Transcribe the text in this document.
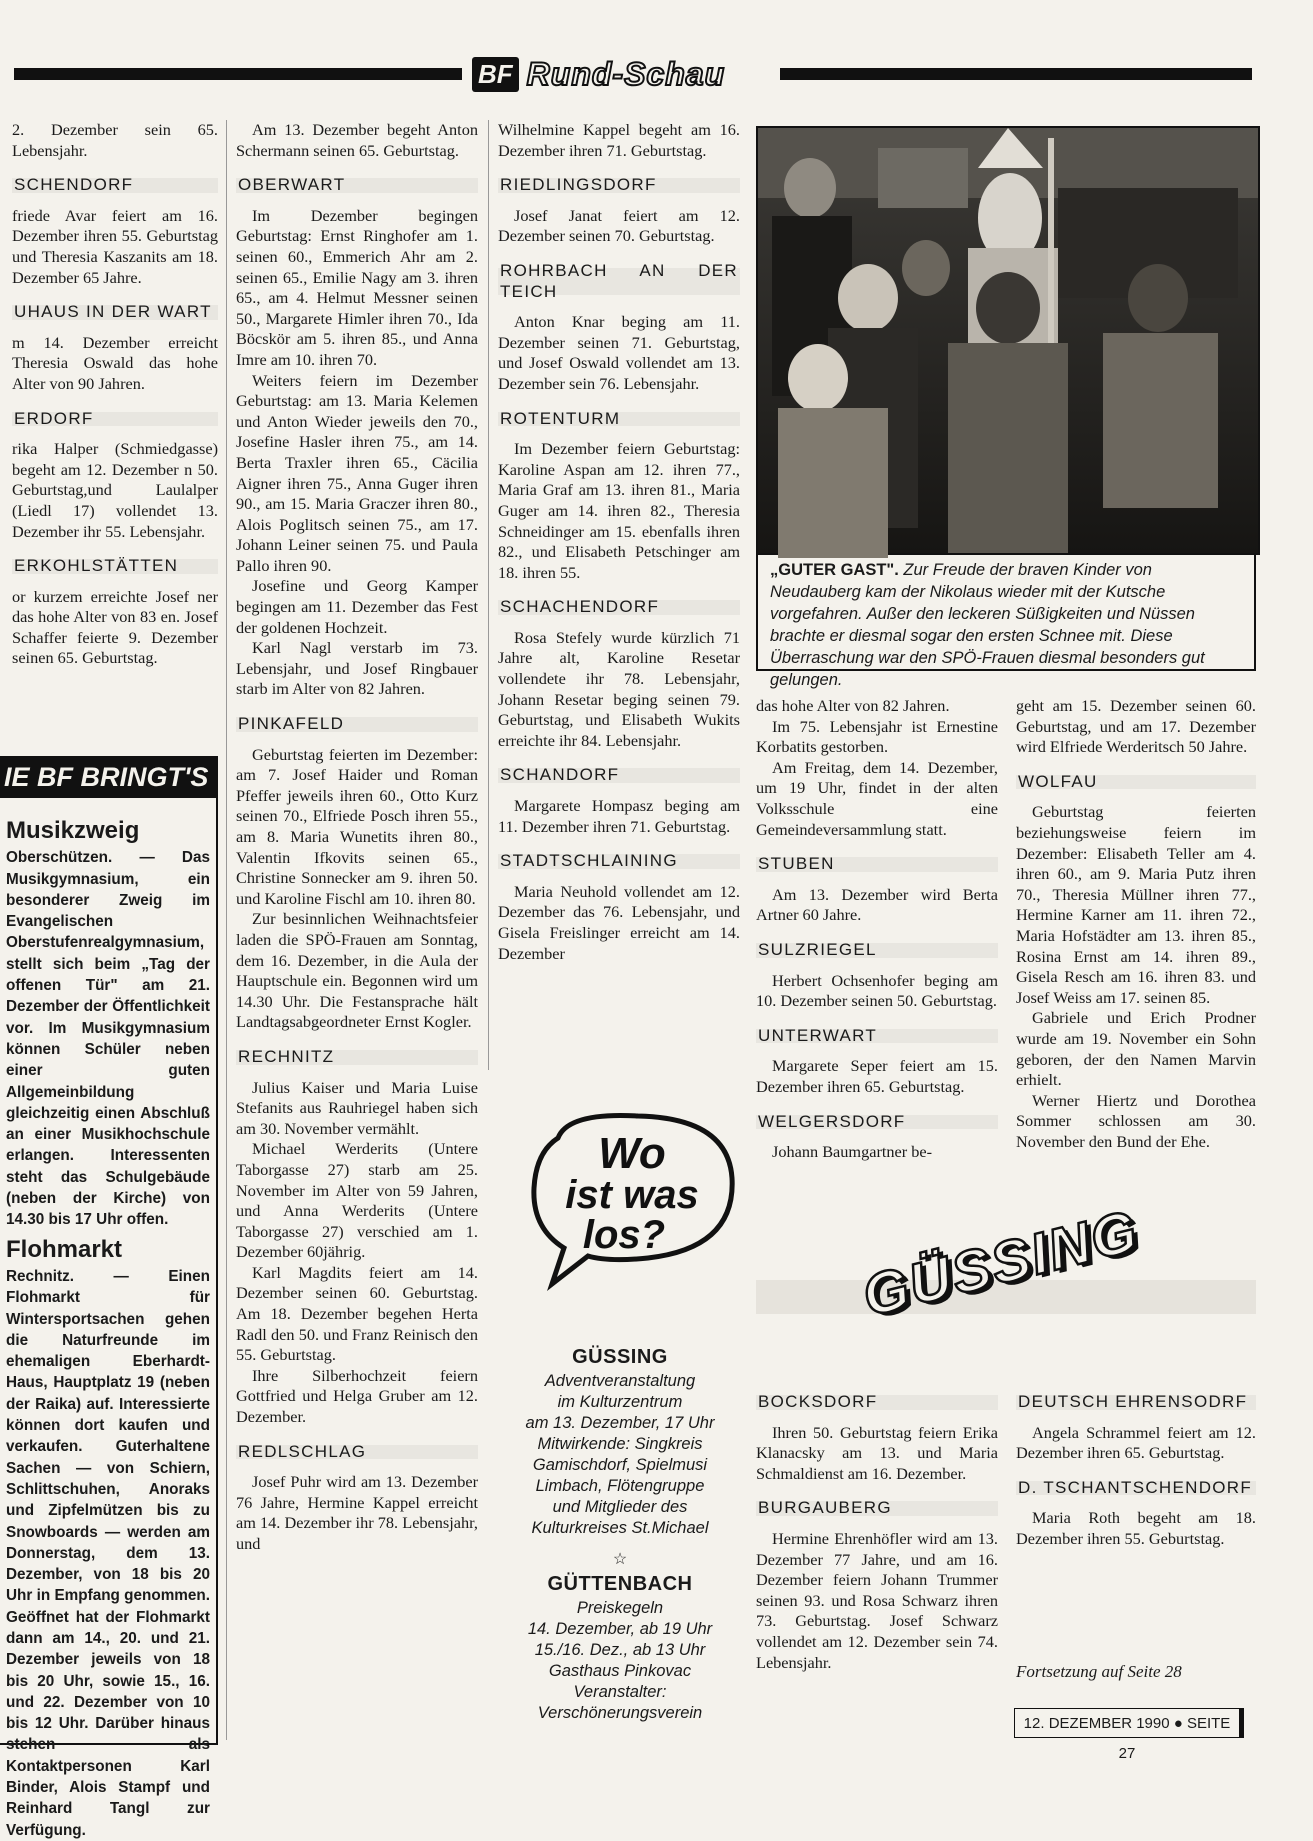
BF Rund-Schau

2. Dezember sein 65. Lebensjahr.

SCHENDORF

friede Avar feiert am 16. Dezember ihren 55. Geburtstag und Theresia Kaszanits am 18. Dezember 65 Jahre.

UHAUS IN DER WART

m 14. Dezember erreicht Theresia Oswald das hohe Alter von 90 Jahren.

ERDORF

rika Halper (Schmiedgasse) begeht am 12. Dezember n 50. Geburtstag,und Laulalper (Liedl 17) vollendet 13. Dezember ihr 55. Lebensjahr.

ERKOHLSTÄTTEN

or kurzem erreichte Josef ner das hohe Alter von 83 en. Josef Schaffer feierte 9. Dezember seinen 65. Geburtstag.

Musikzweig

Oberschützen. — Das Musikgymnasium, ein besonderer Zweig im Evangelischen Oberstufenrealgymnasium, stellt sich beim „Tag der offenen Tür" am 21. Dezember der Öffentlichkeit vor. Im Musikgymnasium können Schüler neben einer guten Allgemeinbildung gleichzeitig einen Abschluß an einer Musikhochschule erlangen. Interessenten steht das Schulgebäude (neben der Kirche) von 14.30 bis 17 Uhr offen.

Flohmarkt

Rechnitz. — Einen Flohmarkt für Wintersportsachen gehen die Naturfreunde im ehemaligen Eberhardt-Haus, Hauptplatz 19 (neben der Raika) auf. Interessierte können dort kaufen und verkaufen. Guterhaltene Sachen — von Schiern, Schlittschuhen, Anoraks und Zipfelmützen bis zu Snowboards — werden am Donnerstag, dem 13. Dezember, von 18 bis 20 Uhr in Empfang genommen. Geöffnet hat der Flohmarkt dann am 14., 20. und 21. Dezember jeweils von 18 bis 20 Uhr, sowie 15., 16. und 22. Dezember von 10 bis 12 Uhr. Darüber hinaus stehen als Kontaktpersonen Karl Binder, Alois Stampf und Reinhard Tangl zur Verfügung.

IE BF BRINGT'S

Am 13. Dezember begeht Anton Schermann seinen 65. Geburtstag.

OBERWART

Im Dezember begingen Geburtstag: Ernst Ringhofer am 1. seinen 60., Emmerich Ahr am 2. seinen 65., Emilie Nagy am 3. ihren 65., am 4. Helmut Messner seinen 50., Margarete Himler ihren 70., Ida Böcskör am 5. ihren 85., und Anna Imre am 10. ihren 70.

Weiters feiern im Dezember Geburtstag: am 13. Maria Kelemen und Anton Wieder jeweils den 70., Josefine Hasler ihren 75., am 14. Berta Traxler ihren 65., Cäcilia Aigner ihren 75., Anna Guger ihren 90., am 15. Maria Graczer ihren 80., Alois Poglitsch seinen 75., am 17. Johann Leiner seinen 75. und Paula Pallo ihren 90.

Josefine und Georg Kamper begingen am 11. Dezember das Fest der goldenen Hochzeit.

Karl Nagl verstarb im 73. Lebensjahr, und Josef Ringbauer starb im Alter von 82 Jahren.

PINKAFELD

Geburtstag feierten im Dezember: am 7. Josef Haider und Roman Pfeffer jeweils ihren 60., Otto Kurz seinen 70., Elfriede Posch ihren 55., am 8. Maria Wunetits ihren 80., Valentin Ifkovits seinen 65., Christine Sonnecker am 9. ihren 50. und Karoline Fischl am 10. ihren 80.

Zur besinnlichen Weihnachtsfeier laden die SPÖ-Frauen am Sonntag, dem 16. Dezember, in die Aula der Hauptschule ein. Begonnen wird um 14.30 Uhr. Die Festansprache hält Landtagsabgeordneter Ernst Kogler.

RECHNITZ

Julius Kaiser und Maria Luise Stefanits aus Rauhriegel haben sich am 30. November vermählt.

Michael Werderits (Untere Taborgasse 27) starb am 25. November im Alter von 59 Jahren, und Anna Werderits (Untere Taborgasse 27) verschied am 1. Dezember 60jährig.

Karl Magdits feiert am 14. Dezember seinen 60. Geburtstag. Am 18. Dezember begehen Herta Radl den 50. und Franz Reinisch den 55. Geburtstag.

Ihre Silberhochzeit feiern Gottfried und Helga Gruber am 12. Dezember.

REDLSCHLAG

Josef Puhr wird am 13. Dezember 76 Jahre, Hermine Kappel erreicht am 14. Dezember ihr 78. Lebensjahr, und

Wilhelmine Kappel begeht am 16. Dezember ihren 71. Geburtstag.

RIEDLINGSDORF

Josef Janat feiert am 12. Dezember seinen 70. Geburtstag.

ROHRBACH AN DER TEICH

Anton Knar beging am 11. Dezember seinen 71. Geburtstag, und Josef Oswald vollendet am 13. Dezember sein 76. Lebensjahr.

ROTENTURM

Im Dezember feiern Geburtstag: Karoline Aspan am 12. ihren 77., Maria Graf am 13. ihren 81., Maria Guger am 14. ihren 82., Theresia Schneidinger am 15. ebenfalls ihren 82., und Elisabeth Petschinger am 18. ihren 55.

SCHACHENDORF

Rosa Stefely wurde kürzlich 71 Jahre alt, Karoline Resetar vollendete ihr 78. Lebensjahr, Johann Resetar beging seinen 79. Geburtstag, und Elisabeth Wukits erreichte ihr 84. Lebensjahr.

SCHANDORF

Margarete Hompasz beging am 11. Dezember ihren 71. Geburtstag.

STADTSCHLAINING

Maria Neuhold vollendet am 12. Dezember das 76. Lebensjahr, und Gisela Freislinger erreicht am 14. Dezember

Wo
ist was
los?
GÜSSING
Adventveranstaltung
im Kulturzentrum
am 13. Dezember, 17 Uhr
Mitwirkende: Singkreis
Gamischdorf, Spielmusi
Limbach, Flötengruppe
und Mitglieder des
Kulturkreises St.Michael
☆
GÜTTENBACH
Preiskegeln
14. Dezember, ab 19 Uhr
15./16. Dez., ab 13 Uhr
Gasthaus Pinkovac
Veranstalter:
Verschönerungsverein
„GUTER GAST". Zur Freude der braven Kinder von Neudauberg kam der Nikolaus wieder mit der Kutsche vorgefahren. Außer den leckeren Süßigkeiten und Nüssen brachte er diesmal sogar den ersten Schnee mit. Diese Überraschung war den SPÖ-Frauen diesmal besonders gut gelungen.

das hohe Alter von 82 Jahren.

Im 75. Lebensjahr ist Ernestine Korbatits gestorben.

Am Freitag, dem 14. Dezember, um 19 Uhr, findet in der alten Volksschule eine Gemeindeversammlung statt.

STUBEN

Am 13. Dezember wird Berta Artner 60 Jahre.

SULZRIEGEL

Herbert Ochsenhofer beging am 10. Dezember seinen 50. Geburtstag.

UNTERWART

Margarete Seper feiert am 15. Dezember ihren 65. Geburtstag.

WELGERSDORF

Johann Baumgartner be-

geht am 15. Dezember seinen 60. Geburtstag, und am 17. Dezember wird Elfriede Werderitsch 50 Jahre.

WOLFAU

Geburtstag feierten beziehungsweise feiern im Dezember: Elisabeth Teller am 4. ihren 60., am 9. Maria Putz ihren 70., Theresia Müllner ihren 77., Hermine Karner am 11. ihren 72., Maria Hofstädter am 13. ihren 85., Rosina Ernst am 14. ihren 89., Gisela Resch am 16. ihren 83. und Josef Weiss am 17. seinen 85.

Gabriele und Erich Prodner wurde am 19. November ein Sohn geboren, der den Namen Marvin erhielt.

Werner Hiertz und Dorothea Sommer schlossen am 30. November den Bund der Ehe.

GÜSSING
BOCKSDORF

Ihren 50. Geburtstag feiern Erika Klanacsky am 13. und Maria Schmaldienst am 16. Dezember.

BURGAUBERG

Hermine Ehrenhöfler wird am 13. Dezember 77 Jahre, und am 16. Dezember feiern Johann Trummer seinen 93. und Rosa Schwarz ihren 73. Geburtstag. Josef Schwarz vollendet am 12. Dezember sein 74. Lebensjahr.

DEUTSCH EHRENSODRF

Angela Schrammel feiert am 12. Dezember ihren 65. Geburtstag.

D. TSCHANTSCHENDORF

Maria Roth begeht am 18. Dezember ihren 55. Geburtstag.

Fortsetzung auf Seite 28
12. DEZEMBER 1990 ● SEITE 27
